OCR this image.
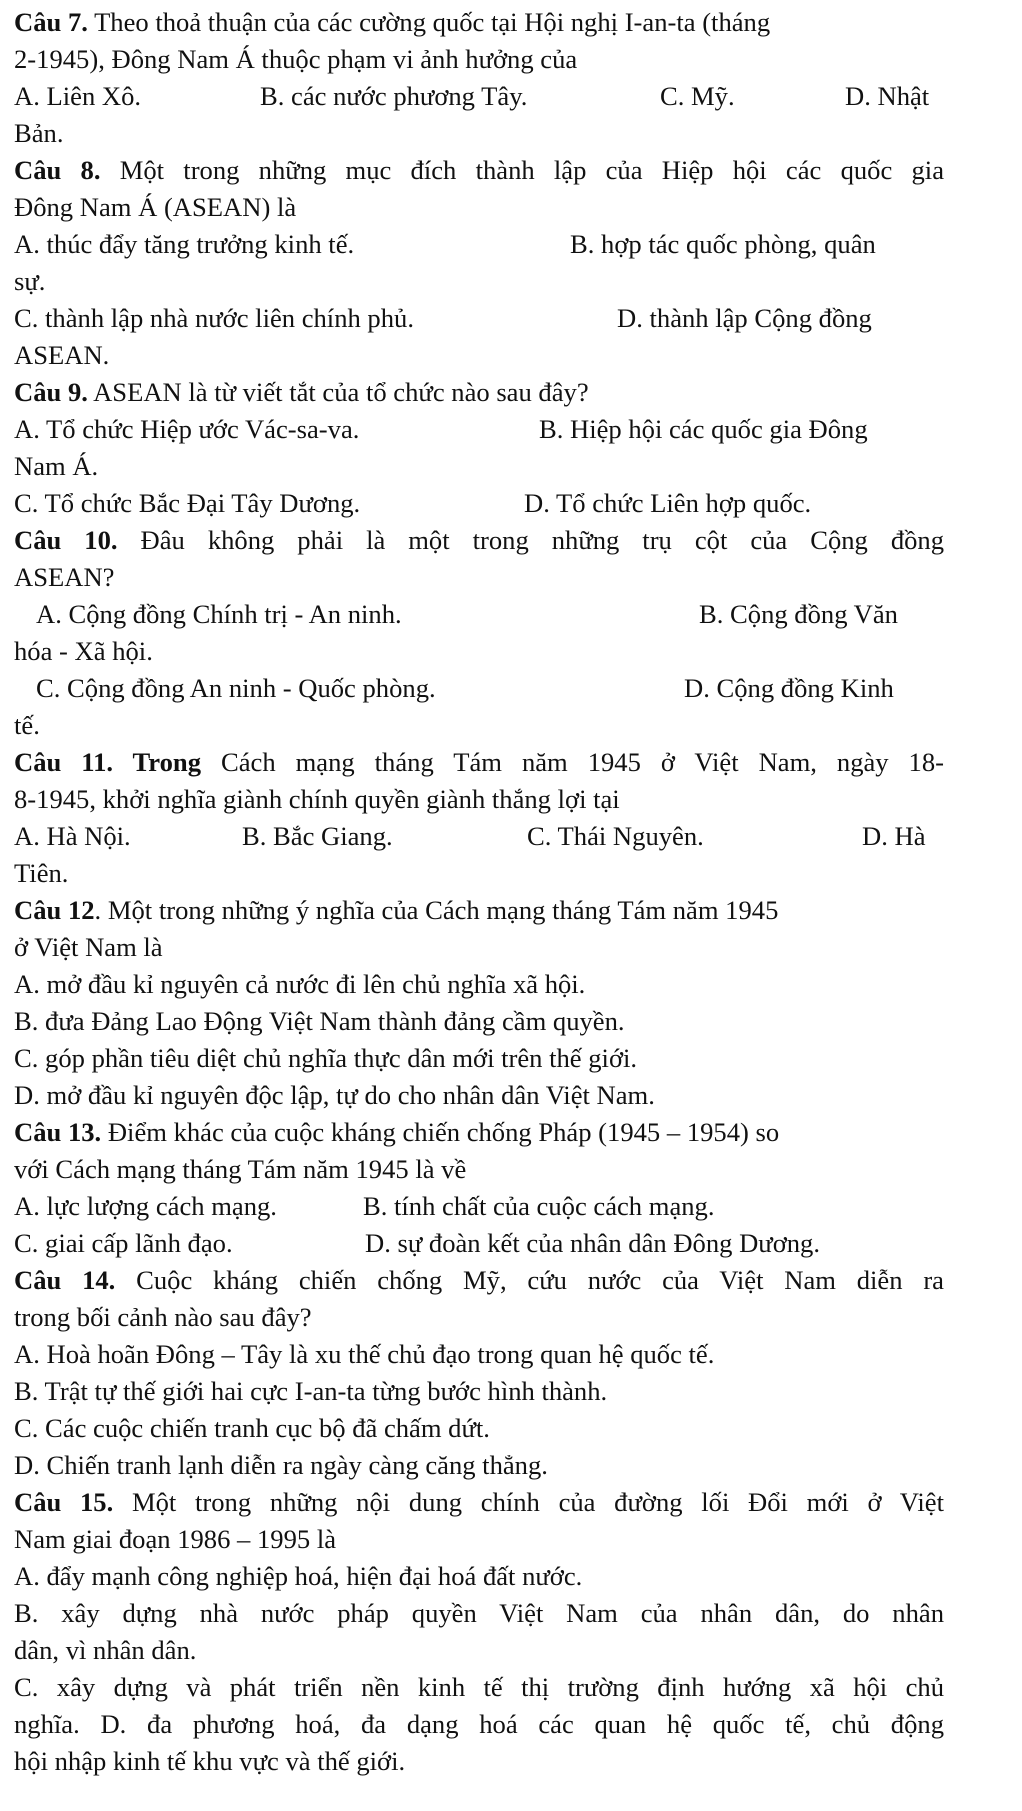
Câu 7. Theo thoả thuận của các cường quốc tại Hội nghị I-an-ta (tháng
2-1945), Đông Nam Á thuộc phạm vi ảnh hưởng của
A. Liên Xô.	B. các nước phương Tây.	C. Mỹ.	D. Nhật
Bản.
Câu 8. Một trong những mục đích thành lập của Hiệp hội các quốc gia
Đông Nam Á (ASEAN) là
A. thúc đẩy tăng trưởng kinh tế.	B. hợp tác quốc phòng, quân
sự.
C. thành lập nhà nước liên chính phủ.	D. thành lập Cộng đồng
ASEAN.
Câu 9. ASEAN là từ viết tắt của tổ chức nào sau đây?
A. Tổ chức Hiệp ước Vác-sa-va.	B. Hiệp hội các quốc gia Đông
Nam Á.
C. Tổ chức Bắc Đại Tây Dương.	D. Tổ chức Liên hợp quốc.
Câu 10. Đâu không phải là một trong những trụ cột của Cộng đồng
ASEAN?
A. Cộng đồng Chính trị - An ninh.	B. Cộng đồng Văn
hóa - Xã hội.
C. Cộng đồng An ninh - Quốc phòng.	D. Cộng đồng Kinh
tế.
Câu 11. Trong Cách mạng tháng Tám năm 1945 ở Việt Nam, ngày 18-
8-1945, khởi nghĩa giành chính quyền giành thắng lợi tại
A. Hà Nội.	B. Bắc Giang.	C. Thái Nguyên.	D. Hà
Tiên.
Câu 12. Một trong những ý nghĩa của Cách mạng tháng Tám năm 1945
ở Việt Nam là
A. mở đầu kỉ nguyên cả nước đi lên chủ nghĩa xã hội.
B. đưa Đảng Lao Động Việt Nam thành đảng cầm quyền.
C. góp phần tiêu diệt chủ nghĩa thực dân mới trên thế giới.
D. mở đầu kỉ nguyên độc lập, tự do cho nhân dân Việt Nam.
Câu 13. Điểm khác của cuộc kháng chiến chống Pháp (1945 – 1954) so
với Cách mạng tháng Tám năm 1945 là về
A. lực lượng cách mạng.	B. tính chất của cuộc cách mạng.
C. giai cấp lãnh đạo.	D. sự đoàn kết của nhân dân Đông Dương.
Câu 14. Cuộc kháng chiến chống Mỹ, cứu nước của Việt Nam diễn ra
trong bối cảnh nào sau đây?
A. Hoà hoãn Đông – Tây là xu thế chủ đạo trong quan hệ quốc tế.
B. Trật tự thế giới hai cực I-an-ta từng bước hình thành.
C. Các cuộc chiến tranh cục bộ đã chấm dứt.
D. Chiến tranh lạnh diễn ra ngày càng căng thẳng.
Câu 15. Một trong những nội dung chính của đường lối Đổi mới ở Việt
Nam giai đoạn 1986 – 1995 là
A. đẩy mạnh công nghiệp hoá, hiện đại hoá đất nước.
B. xây dựng nhà nước pháp quyền Việt Nam của nhân dân, do nhân
dân, vì nhân dân.
C. xây dựng và phát triển nền kinh tế thị trường định hướng xã hội chủ
nghĩa. D. đa phương hoá, đa dạng hoá các quan hệ quốc tế, chủ động
hội nhập kinh tế khu vực và thế giới.
